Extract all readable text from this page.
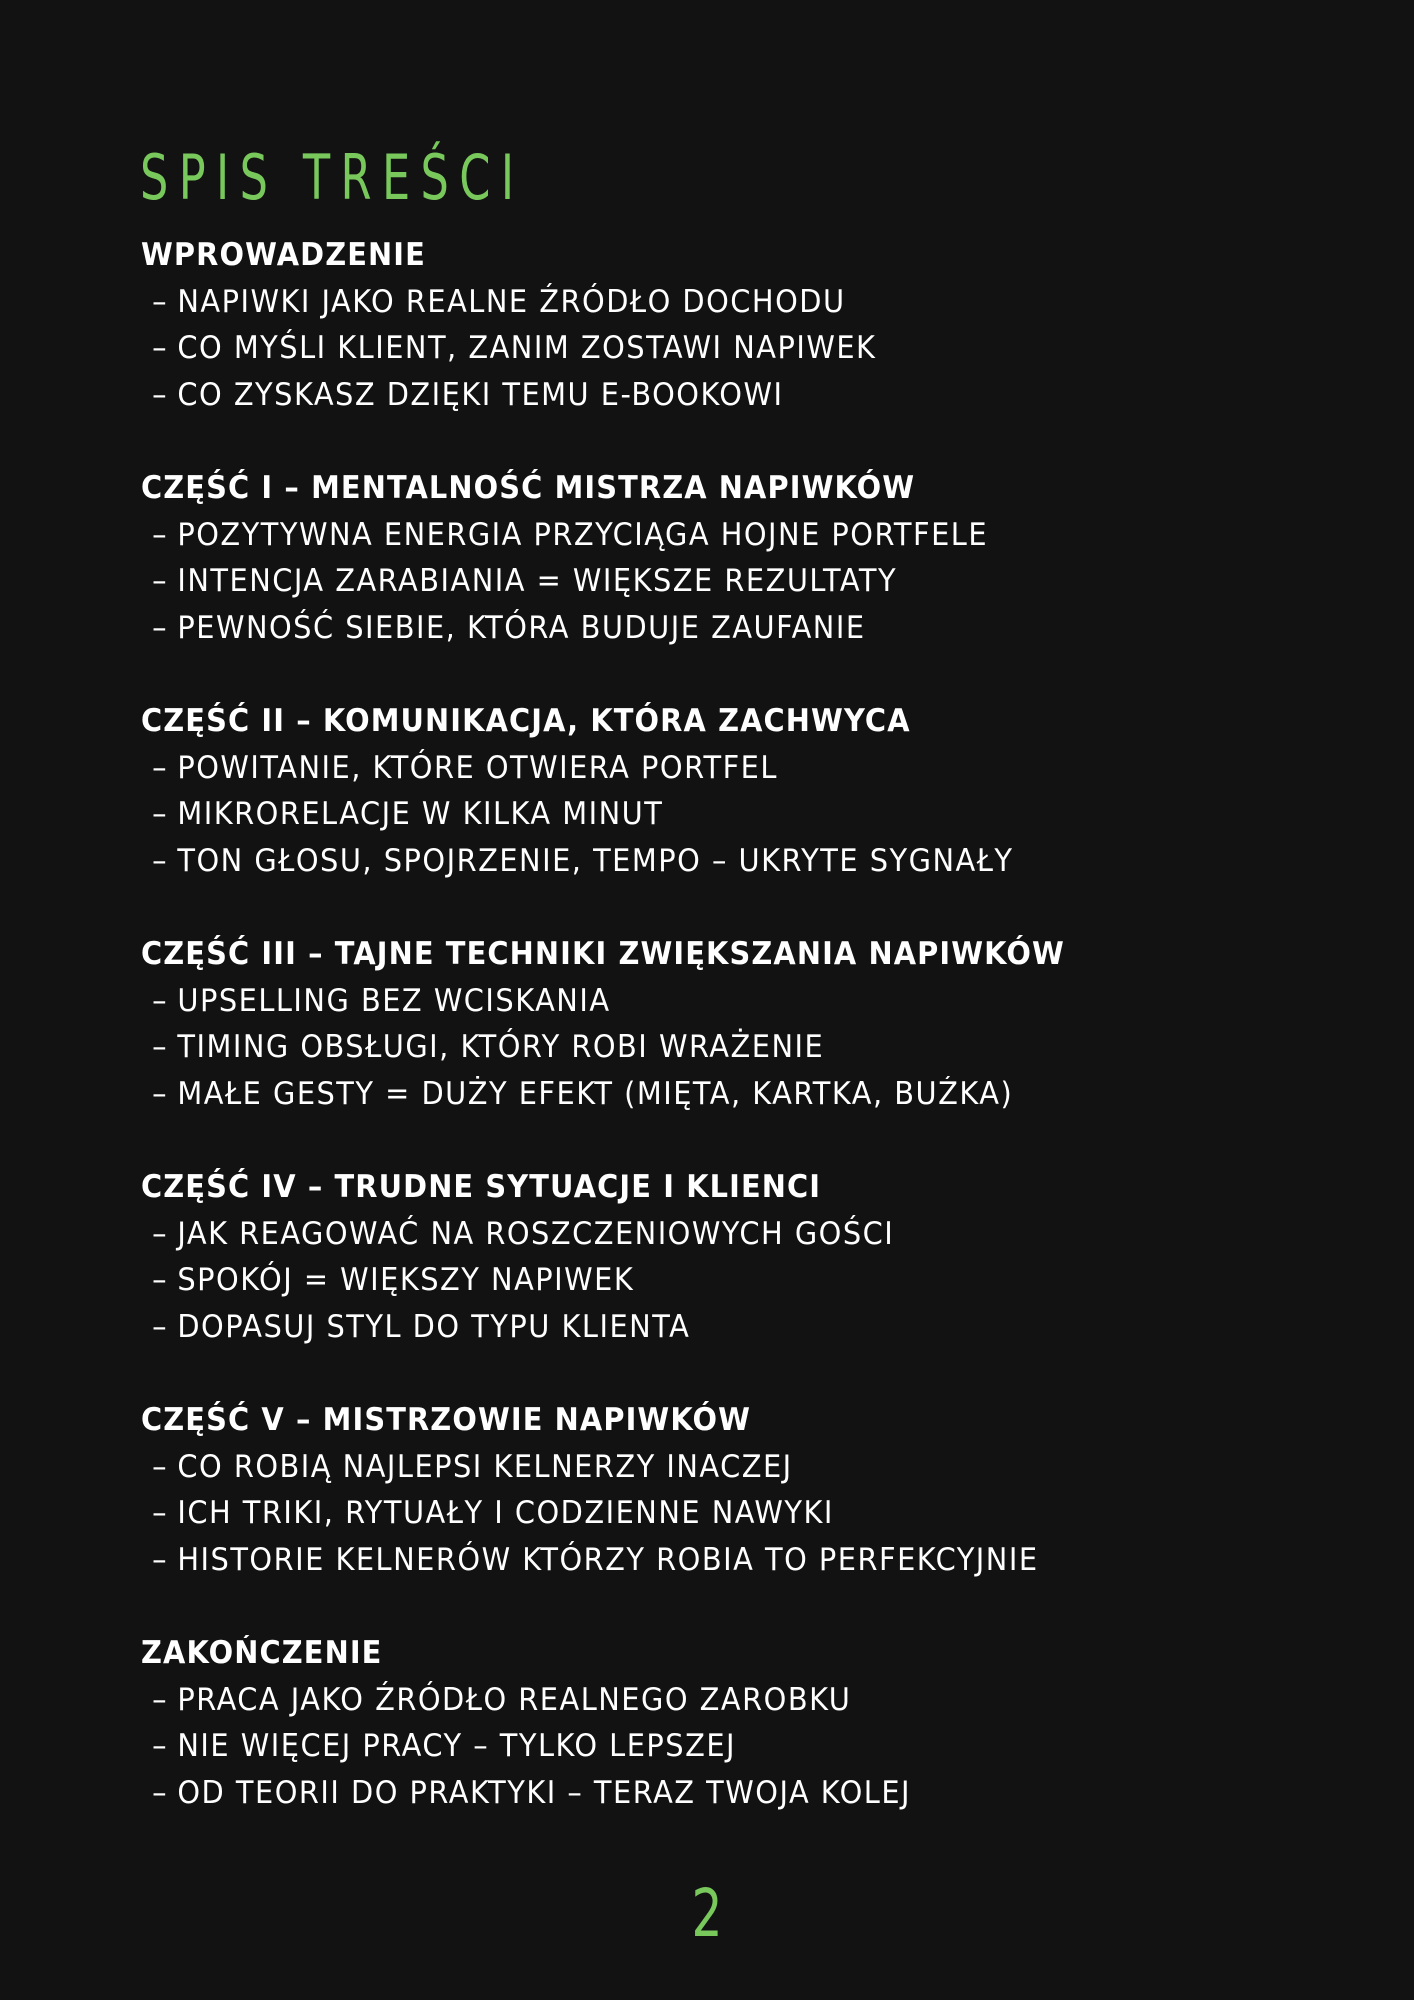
SPIS TREŚCI
WPROWADZENIE
– NAPIWKI JAKO REALNE ŹRÓDŁO DOCHODU
– CO MYŚLI KLIENT, ZANIM ZOSTAWI NAPIWEK
– CO ZYSKASZ DZIĘKI TEMU E-BOOKOWI
CZĘŚĆ I – MENTALNOŚĆ MISTRZA NAPIWKÓW
– POZYTYWNA ENERGIA PRZYCIĄGA HOJNE PORTFELE
– INTENCJA ZARABIANIA = WIĘKSZE REZULTATY
– PEWNOŚĆ SIEBIE, KTÓRA BUDUJE ZAUFANIE
CZĘŚĆ II – KOMUNIKACJA, KTÓRA ZACHWYCA
– POWITANIE, KTÓRE OTWIERA PORTFEL
– MIKRORELACJE W KILKA MINUT
– TON GŁOSU, SPOJRZENIE, TEMPO – UKRYTE SYGNAŁY
CZĘŚĆ III – TAJNE TECHNIKI ZWIĘKSZANIA NAPIWKÓW
– UPSELLING BEZ WCISKANIA
– TIMING OBSŁUGI, KTÓRY ROBI WRAŻENIE
– MAŁE GESTY = DUŻY EFEKT (MIĘTA, KARTKA, BUŹKA)
CZĘŚĆ IV – TRUDNE SYTUACJE I KLIENCI
– JAK REAGOWAĆ NA ROSZCZENIOWYCH GOŚCI
– SPOKÓJ = WIĘKSZY NAPIWEK
– DOPASUJ STYL DO TYPU KLIENTA
CZĘŚĆ V – MISTRZOWIE NAPIWKÓW
– CO ROBIĄ NAJLEPSI KELNERZY INACZEJ
– ICH TRIKI, RYTUAŁY I CODZIENNE NAWYKI
– HISTORIE KELNERÓW KTÓRZY ROBIA TO PERFEKCYJNIE
ZAKOŃCZENIE
– PRACA JAKO ŹRÓDŁO REALNEGO ZAROBKU
– NIE WIĘCEJ PRACY – TYLKO LEPSZEJ
– OD TEORII DO PRAKTYKI – TERAZ TWOJA KOLEJ
2
